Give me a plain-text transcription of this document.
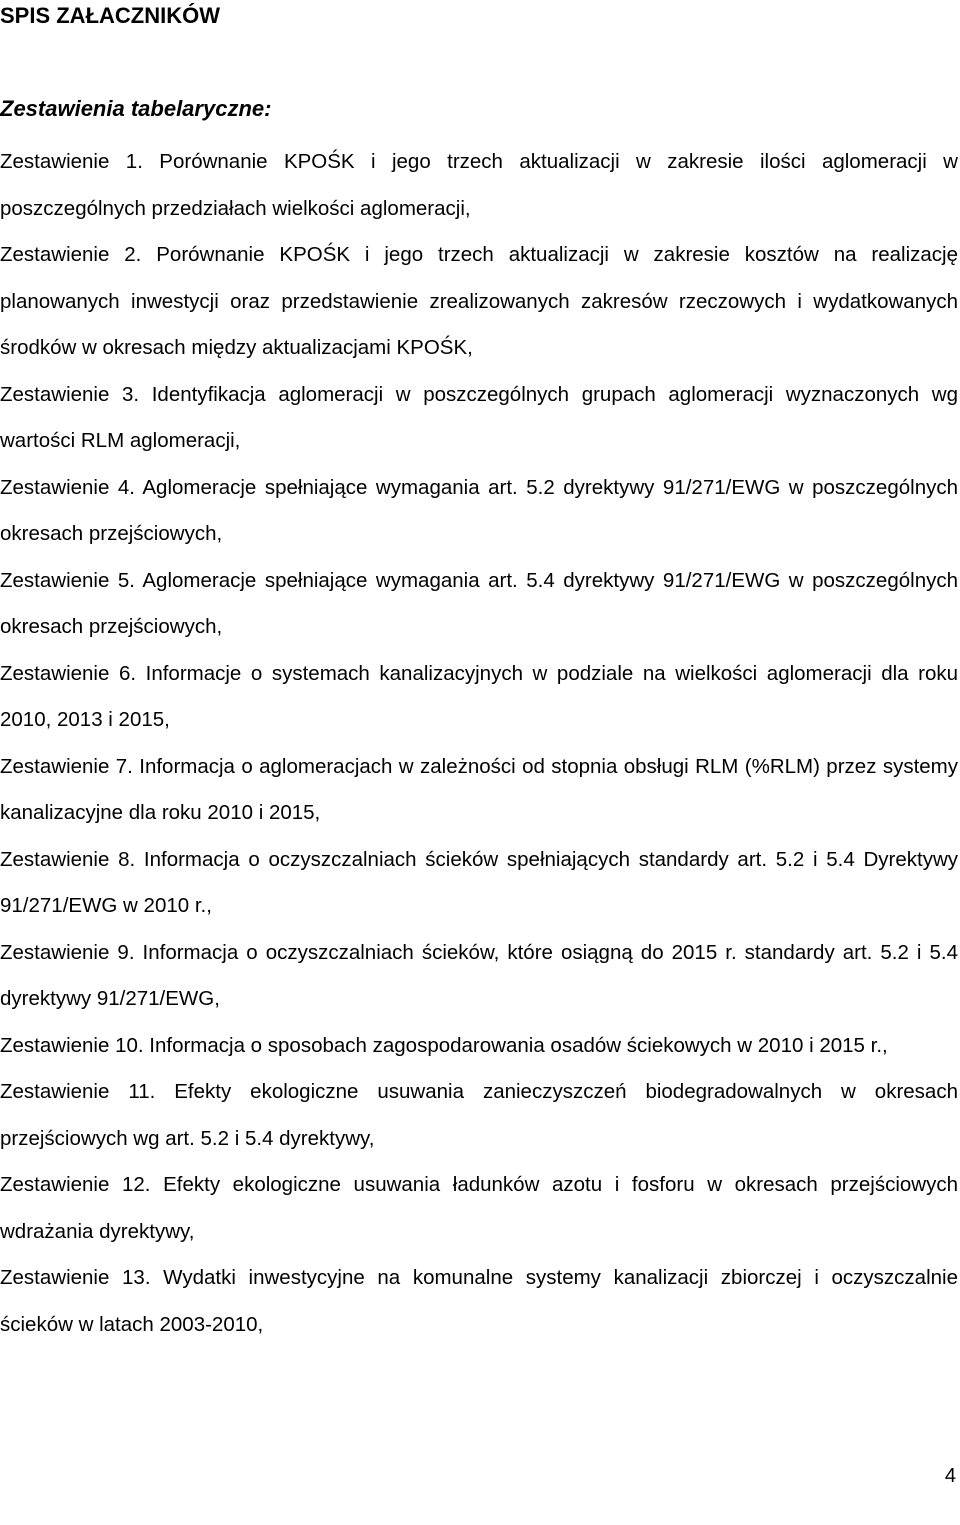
SPIS ZAŁACZNIKÓW
Zestawienia tabelaryczne:
Zestawienie 1. Porównanie KPOŚK i jego trzech aktualizacji w zakresie ilości aglomeracji w poszczególnych przedziałach wielkości aglomeracji,
Zestawienie 2. Porównanie KPOŚK i jego trzech aktualizacji w zakresie kosztów na realizację planowanych inwestycji oraz przedstawienie zrealizowanych zakresów rzeczowych i wydatkowanych środków w okresach między aktualizacjami KPOŚK,
Zestawienie 3. Identyfikacja aglomeracji w poszczególnych grupach aglomeracji wyznaczonych wg wartości RLM aglomeracji,
Zestawienie 4. Aglomeracje spełniające wymagania art. 5.2 dyrektywy 91/271/EWG w poszczególnych okresach przejściowych,
Zestawienie 5. Aglomeracje spełniające wymagania art. 5.4 dyrektywy 91/271/EWG w poszczególnych okresach przejściowych,
Zestawienie 6. Informacje o systemach kanalizacyjnych w podziale na wielkości aglomeracji dla roku 2010, 2013 i 2015,
Zestawienie 7. Informacja o aglomeracjach w zależności od stopnia obsługi RLM (%RLM) przez systemy kanalizacyjne dla roku 2010 i 2015,
Zestawienie 8. Informacja o oczyszczalniach ścieków spełniających standardy art. 5.2 i 5.4 Dyrektywy 91/271/EWG w 2010 r.,
Zestawienie 9. Informacja o oczyszczalniach ścieków, które osiągną do 2015 r. standardy art. 5.2 i 5.4 dyrektywy 91/271/EWG,
Zestawienie 10. Informacja o sposobach zagospodarowania osadów ściekowych w 2010 i 2015 r.,
Zestawienie 11. Efekty ekologiczne usuwania zanieczyszczeń biodegradowalnych w okresach przejściowych wg art. 5.2 i 5.4 dyrektywy,
Zestawienie 12. Efekty ekologiczne usuwania ładunków azotu i fosforu w okresach przejściowych wdrażania dyrektywy,
Zestawienie 13. Wydatki inwestycyjne na komunalne systemy kanalizacji zbiorczej i oczyszczalnie ścieków w latach 2003-2010,
4
